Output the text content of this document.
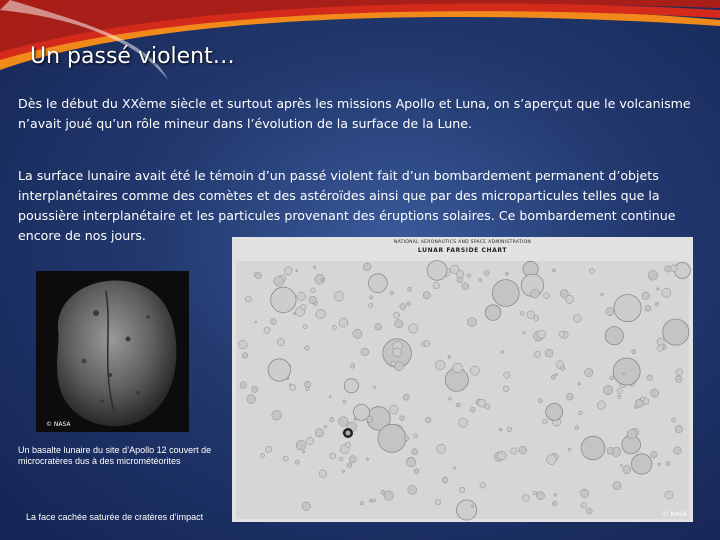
Un passé violent…

Dès le début du XXème siècle et surtout après les missions Apollo et Luna, on s’aperçut que le volcanisme n’avait joué qu’un rôle mineur dans l’évolution de la surface de la Lune.

La surface lunaire avait été le témoin d’un passé violent fait d’un bombardement permanent d’objets interplanétaires comme des comètes et des astéroïdes ainsi que par des microparticules telles que la poussière interplanétaire et les particules provenant des éruptions solaires. Ce bombardement continue encore de nos jours.

© NASA

Un basalte lunaire du site d’Apollo 12 couvert de microcratères dus à des micrométéorites

NATIONAL AERONAUTICS AND SPACE ADMINISTRATION
LUNAR FARSIDE CHART
© NASA

La face cachée saturée de cratères d’impact
